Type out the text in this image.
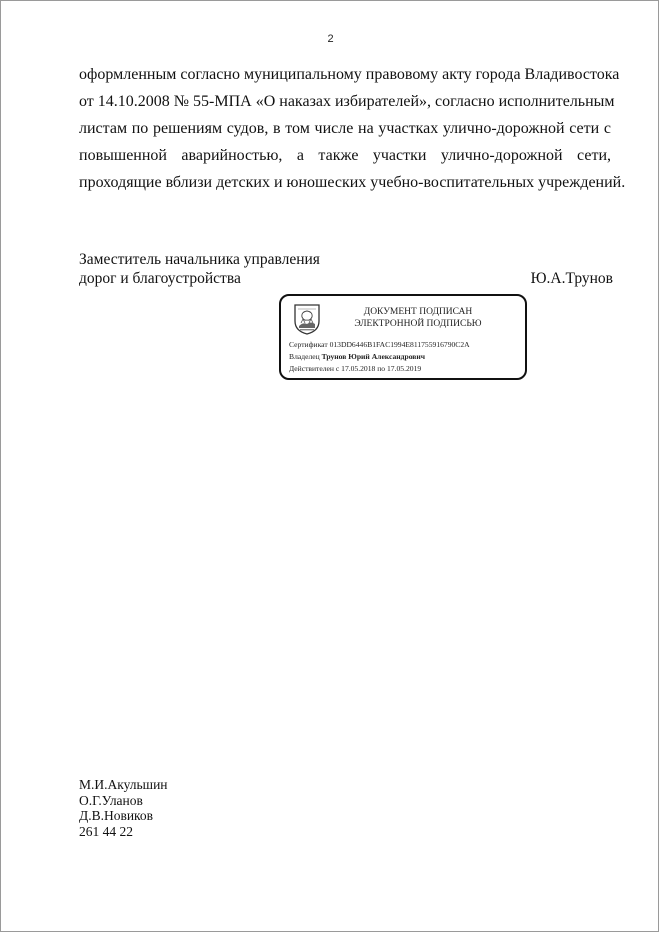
2
оформленным согласно муниципальному правовому акту города Владивостока
от 14.10.2008 № 55-МПА «О наказах избирателей», согласно исполнительным
листам по решениям судов, в том числе на участках улично-дорожной сети с
повышенной аварийностью, а также участки улично-дорожной сети,
проходящие вблизи детских и юношеских учебно-воспитательных учреждений.
Заместитель начальника управления
дорог и благоустройства	Ю.А.Трунов
ДОКУМЕНТ ПОДПИСАН
ЭЛЕКТРОННОЙ ПОДПИСЬЮ
Сертификат 013DD6446B1FAC1994E811755916790C2A
Владелец Трунов Юрий Александрович
Действителен с 17.05.2018 по 17.05.2019
М.И.Акульшин
О.Г.Уланов
Д.В.Новиков
261 44 22
